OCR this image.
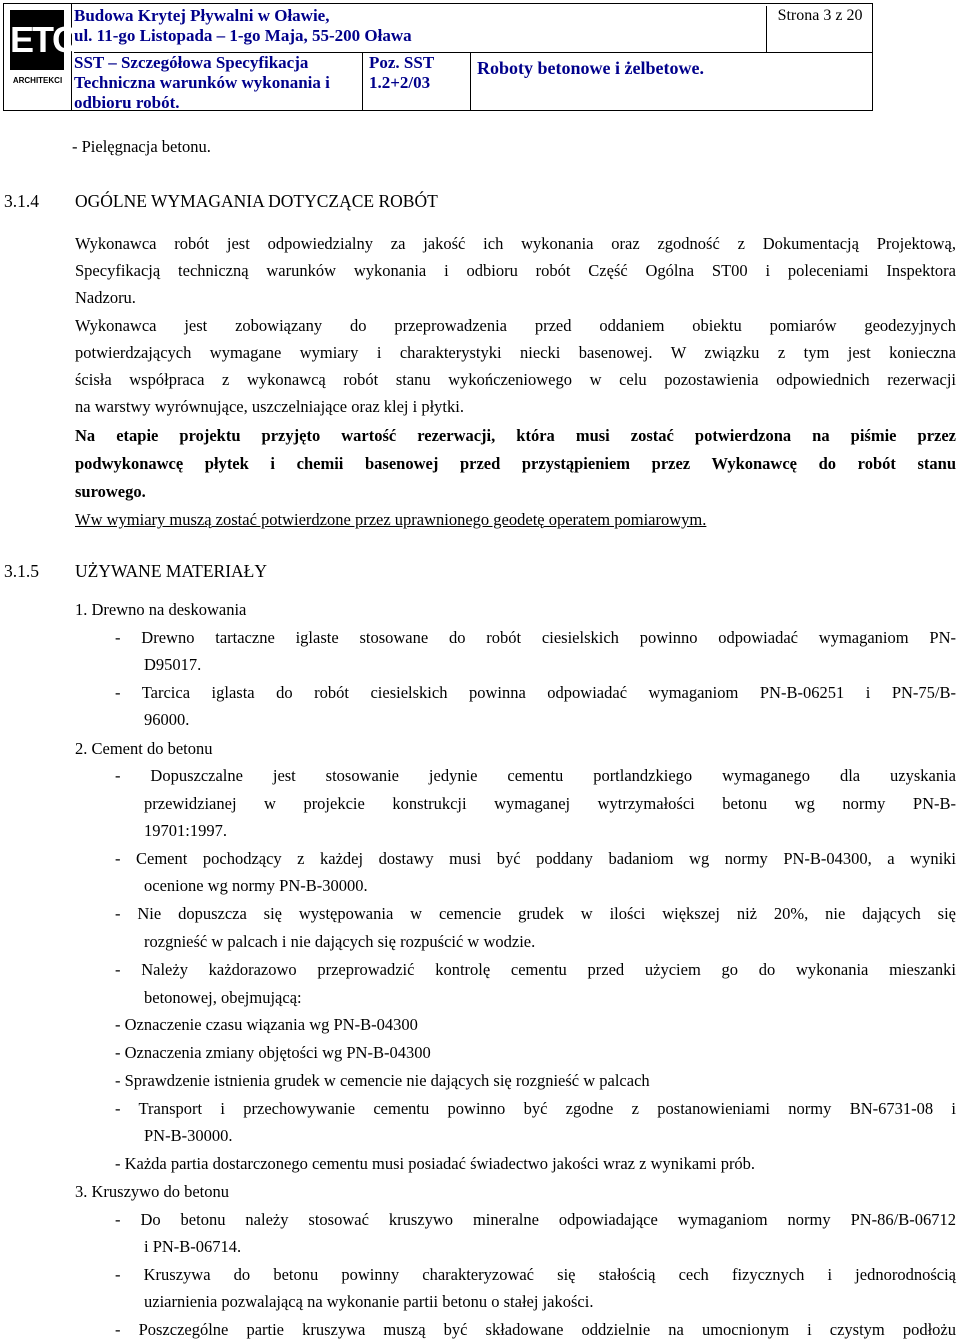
ETC
ARCHITEKCI
Budowa Krytej Pływalni w Oławie,
ul. 11-go Listopada – 1-go Maja, 55-200 Oława
Strona 3 z 20
SST – Szczegółowa Specyfikacja
Techniczna warunków wykonania i
odbioru robót.
Poz. SST
1.2+2/03
Roboty betonowe i żelbetowe.
- Pielęgnacja betonu.
3.1.4 OGÓLNE WYMAGANIA DOTYCZĄCE ROBÓT
Wykonawca robót jest odpowiedzialny za jakość ich wykonania oraz zgodność z Dokumentacją Projektową,
Specyfikacją techniczną warunków wykonania i odbioru robót Część Ogólna ST00 i poleceniami Inspektora
Nadzoru.
Wykonawca jest zobowiązany do przeprowadzenia przed oddaniem obiektu pomiarów geodezyjnych
potwierdzających wymagane wymiary i charakterystyki niecki basenowej. W związku z tym jest konieczna
ścisła współpraca z wykonawcą robót stanu wykończeniowego w celu pozostawienia odpowiednich rezerwacji
na warstwy wyrównujące, uszczelniające oraz klej i płytki.
Na etapie projektu przyjęto wartość rezerwacji, która musi zostać potwierdzona na piśmie przez
podwykonawcę płytek i chemii basenowej przed przystąpieniem przez Wykonawcę do robót stanu
surowego.
Ww wymiary muszą zostać potwierdzone przez uprawnionego geodetę operatem pomiarowym.
3.1.5 UŻYWANE MATERIAŁY
1. Drewno na deskowania
- Drewno tartaczne iglaste stosowane do robót ciesielskich powinno odpowiadać wymaganiom PN-
D95017.
- Tarcica iglasta do robót ciesielskich powinna odpowiadać wymaganiom PN-B-06251 i PN-75/B-
96000.
2. Cement do betonu
- Dopuszczalne jest stosowanie jedynie cementu portlandzkiego wymaganego dla uzyskania
przewidzianej w projekcie konstrukcji wymaganej wytrzymałości betonu wg normy PN-B-
19701:1997.
- Cement pochodzący z każdej dostawy musi być poddany badaniom wg normy PN-B-04300, a wyniki
ocenione wg normy PN-B-30000.
- Nie dopuszcza się występowania w cemencie grudek w ilości większej niż 20%, nie dających się
rozgnieść w palcach i nie dających się rozpuścić w wodzie.
- Należy każdorazowo przeprowadzić kontrolę cementu przed użyciem go do wykonania mieszanki
betonowej, obejmującą:
- Oznaczenie czasu wiązania wg PN-B-04300
- Oznaczenia zmiany objętości wg PN-B-04300
- Sprawdzenie istnienia grudek w cemencie nie dających się rozgnieść w palcach
- Transport i przechowywanie cementu powinno być zgodne z postanowieniami normy BN-6731-08 i
PN-B-30000.
- Każda partia dostarczonego cementu musi posiadać świadectwo jakości wraz z wynikami prób.
3. Kruszywo do betonu
- Do betonu należy stosować kruszywo mineralne odpowiadające wymaganiom normy PN-86/B-06712
i PN-B-06714.
- Kruszywa do betonu powinny charakteryzować się stałością cech fizycznych i jednorodnością
uziarnienia pozwalającą na wykonanie partii betonu o stałej jakości.
- Poszczególne partie kruszywa muszą być składowane oddzielnie na umocnionym i czystym podłożu
